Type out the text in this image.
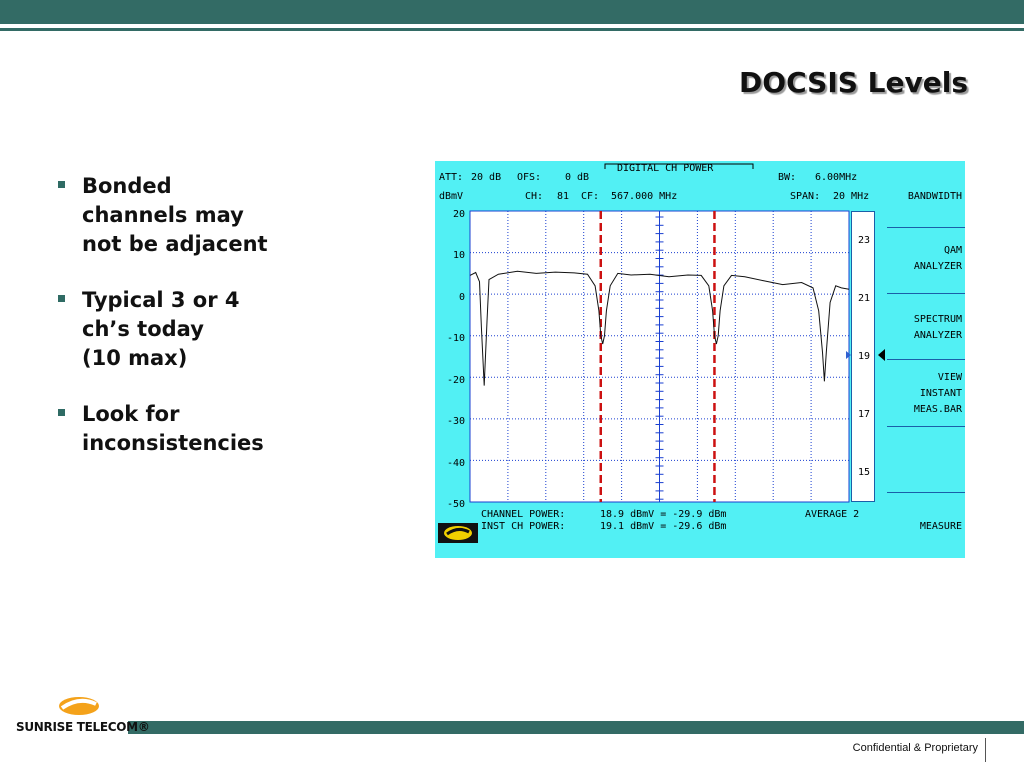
DOCSIS Levels
Bonded
channels may
not be adjacent
Typical 3 or 4
ch’s today
(10 max)
Look for
inconsistencies
ATT: 20 dB OFS: 0 dB
DIGITAL CH POWER
BW: 6.00MHz
dBmV	CH: 81 CF: 567.000 MHz	SPAN: 20 MHz
20
10
0
-10
-20
-30
-40
-50
23
21
19
17
15
BANDWIDTH
QAM
ANALYZER
SPECTRUM
ANALYZER
VIEW
INSTANT
MEAS.BAR
MEASURE
CHANNEL POWER:	18.9 dBmV = -29.9 dBm	AVERAGE 2
INST CH POWER:	19.1 dBmV = -29.6 dBm
SUNRISE TELECOM®
Confidential & Proprietary
